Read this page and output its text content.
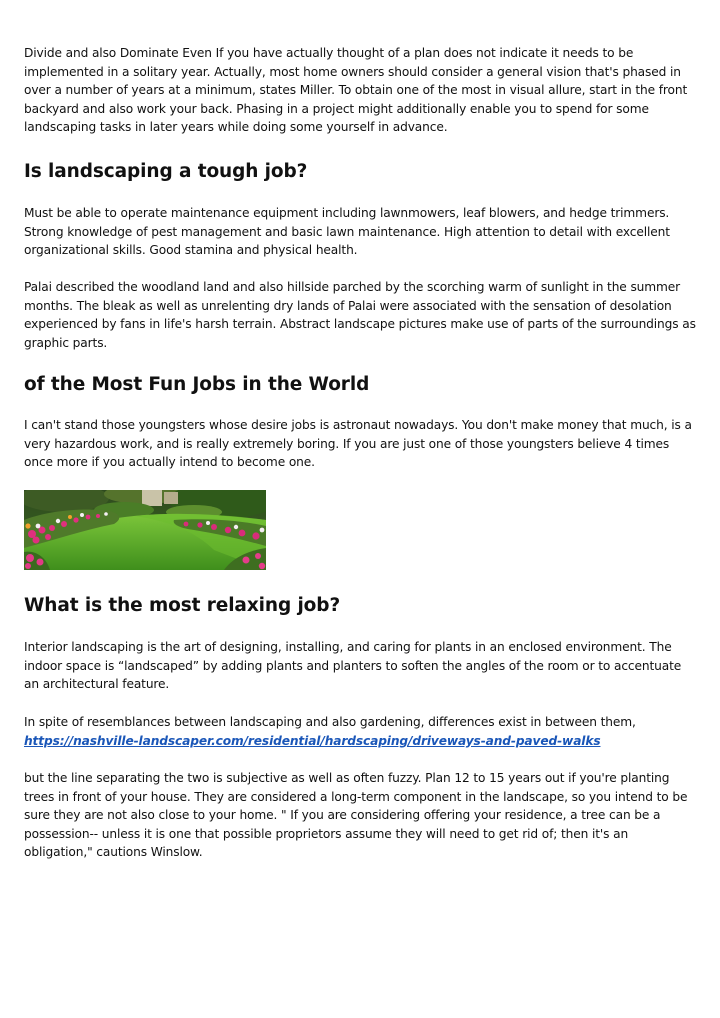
Divide and also Dominate Even If you have actually thought of a plan does not indicate it needs to be implemented in a solitary year. Actually, most home owners should consider a general vision that's phased in over a number of years at a minimum, states Miller. To obtain one of the most in visual allure, start in the front backyard and also work your back. Phasing in a project might additionally enable you to spend for some landscaping tasks in later years while doing some yourself in advance.

Is landscaping a tough job?

Must be able to operate maintenance equipment including lawnmowers, leaf blowers, and hedge trimmers. Strong knowledge of pest management and basic lawn maintenance. High attention to detail with excellent organizational skills. Good stamina and physical health.

Palai described the woodland land and also hillside parched by the scorching warm of sunlight in the summer months. The bleak as well as unrelenting dry lands of Palai were associated with the sensation of desolation experienced by fans in life's harsh terrain. Abstract landscape pictures make use of parts of the surroundings as graphic parts.

of the Most Fun Jobs in the World

I can't stand those youngsters whose desire jobs is astronaut nowadays. You don't make money that much, is a very hazardous work, and is really extremely boring. If you are just one of those youngsters believe 4 times once more if you actually intend to become one.

What is the most relaxing job?

Interior landscaping is the art of designing, installing, and caring for plants in an enclosed environment. The indoor space is “landscaped” by adding plants and planters to soften the angles of the room or to accentuate an architectural feature.

In spite of resemblances between landscaping and also gardening, differences exist in between them,
https://nashville-landscaper.com/residential/hardscaping/driveways-and-paved-walks

but the line separating the two is subjective as well as often fuzzy. Plan 12 to 15 years out if you're planting trees in front of your house. They are considered a long-term component in the landscape, so you intend to be sure they are not also close to your home. " If you are considering offering your residence, a tree can be a possession-- unless it is one that possible proprietors assume they will need to get rid of; then it's an obligation," cautions Winslow.
